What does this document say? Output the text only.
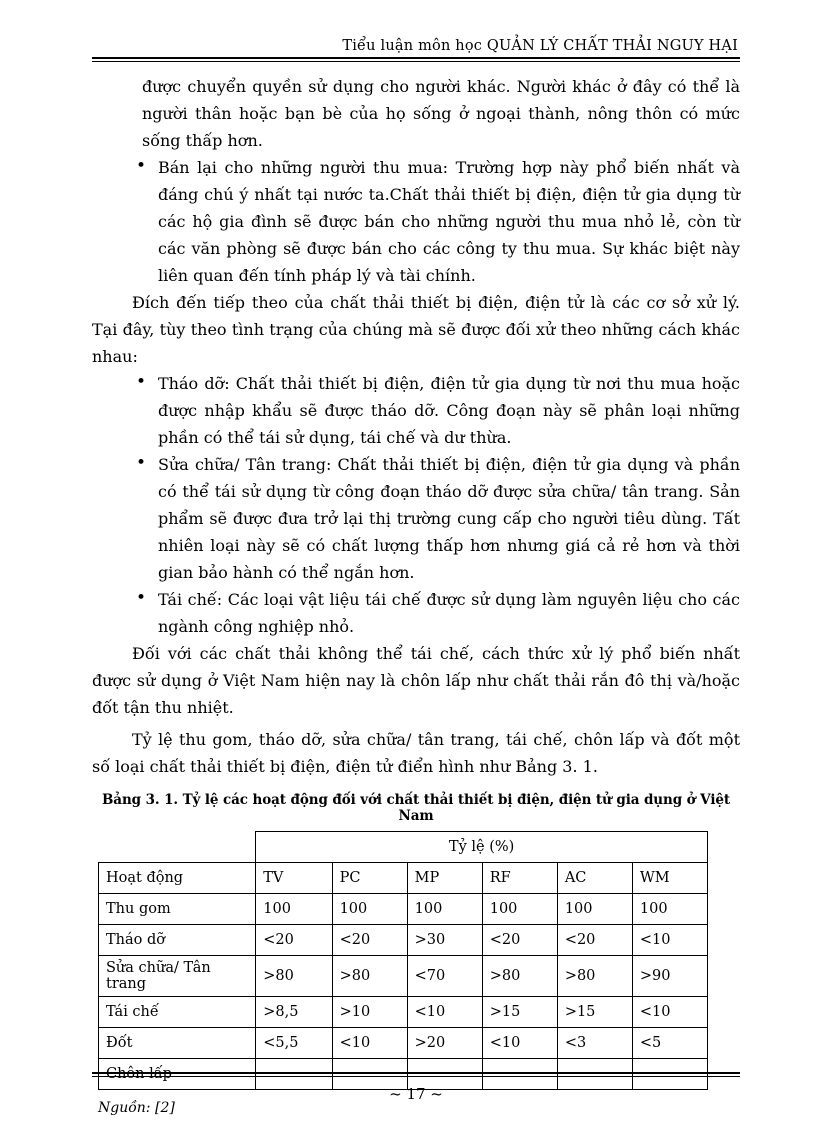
Tiểu luận môn học QUẢN LÝ CHẤT THẢI NGUY HẠI

được chuyển quyền sử dụng cho người khác. Người khác ở đây có thể là người thân hoặc bạn bè của họ sống ở ngoại thành, nông thôn có mức sống thấp hơn.

• Bán lại cho những người thu mua: Trường hợp này phổ biến nhất và đáng chú ý nhất tại nước ta.Chất thải thiết bị điện, điện tử gia dụng từ các hộ gia đình sẽ được bán cho những người thu mua nhỏ lẻ, còn từ các văn phòng sẽ được bán cho các công ty thu mua. Sự khác biệt này liên quan đến tính pháp lý và tài chính.

Đích đến tiếp theo của chất thải thiết bị điện, điện tử là các cơ sở xử lý. Tại đây, tùy theo tình trạng của chúng mà sẽ được đối xử theo những cách khác nhau:

• Tháo dỡ: Chất thải thiết bị điện, điện tử gia dụng từ nơi thu mua hoặc được nhập khẩu sẽ được tháo dỡ. Công đoạn này sẽ phân loại những phần có thể tái sử dụng, tái chế và dư thừa.
• Sửa chữa/ Tân trang: Chất thải thiết bị điện, điện tử gia dụng và phần có thể tái sử dụng từ công đoạn tháo dỡ được sửa chữa/ tân trang. Sản phẩm sẽ được đưa trở lại thị trường cung cấp cho người tiêu dùng. Tất nhiên loại này sẽ có chất lượng thấp hơn nhưng giá cả rẻ hơn và thời gian bảo hành có thể ngắn hơn.
• Tái chế: Các loại vật liệu tái chế được sử dụng làm nguyên liệu cho các ngành công nghiệp nhỏ.

Đối với các chất thải không thể tái chế, cách thức xử lý phổ biến nhất được sử dụng ở Việt Nam hiện nay là chôn lấp như chất thải rắn đô thị và/hoặc đốt tận thu nhiệt.

Tỷ lệ thu gom, tháo dỡ, sửa chữa/ tân trang, tái chế, chôn lấp và đốt một số loại chất thải thiết bị điện, điện tử điển hình như Bảng 3. 1.

Bảng 3. 1. Tỷ lệ các hoạt động đối với chất thải thiết bị điện, điện tử gia dụng ở Việt Nam
	Tỷ lệ (%)					
Hoạt động	TV	PC	MP	RF	AC	WM
Thu gom	100	100	100	100	100	100
Tháo dỡ	<20	<20	>30	<20	<20	<10
Sửa chữa/ Tân trang	>80	>80	<70	>80	>80	>90
Tái chế	>8,5	>10	<10	>15	>15	<10
Đốt	<5,5	<10	>20	<10	<3	<5
Chôn lấp						
Nguồn: [2]
~ 17 ~
